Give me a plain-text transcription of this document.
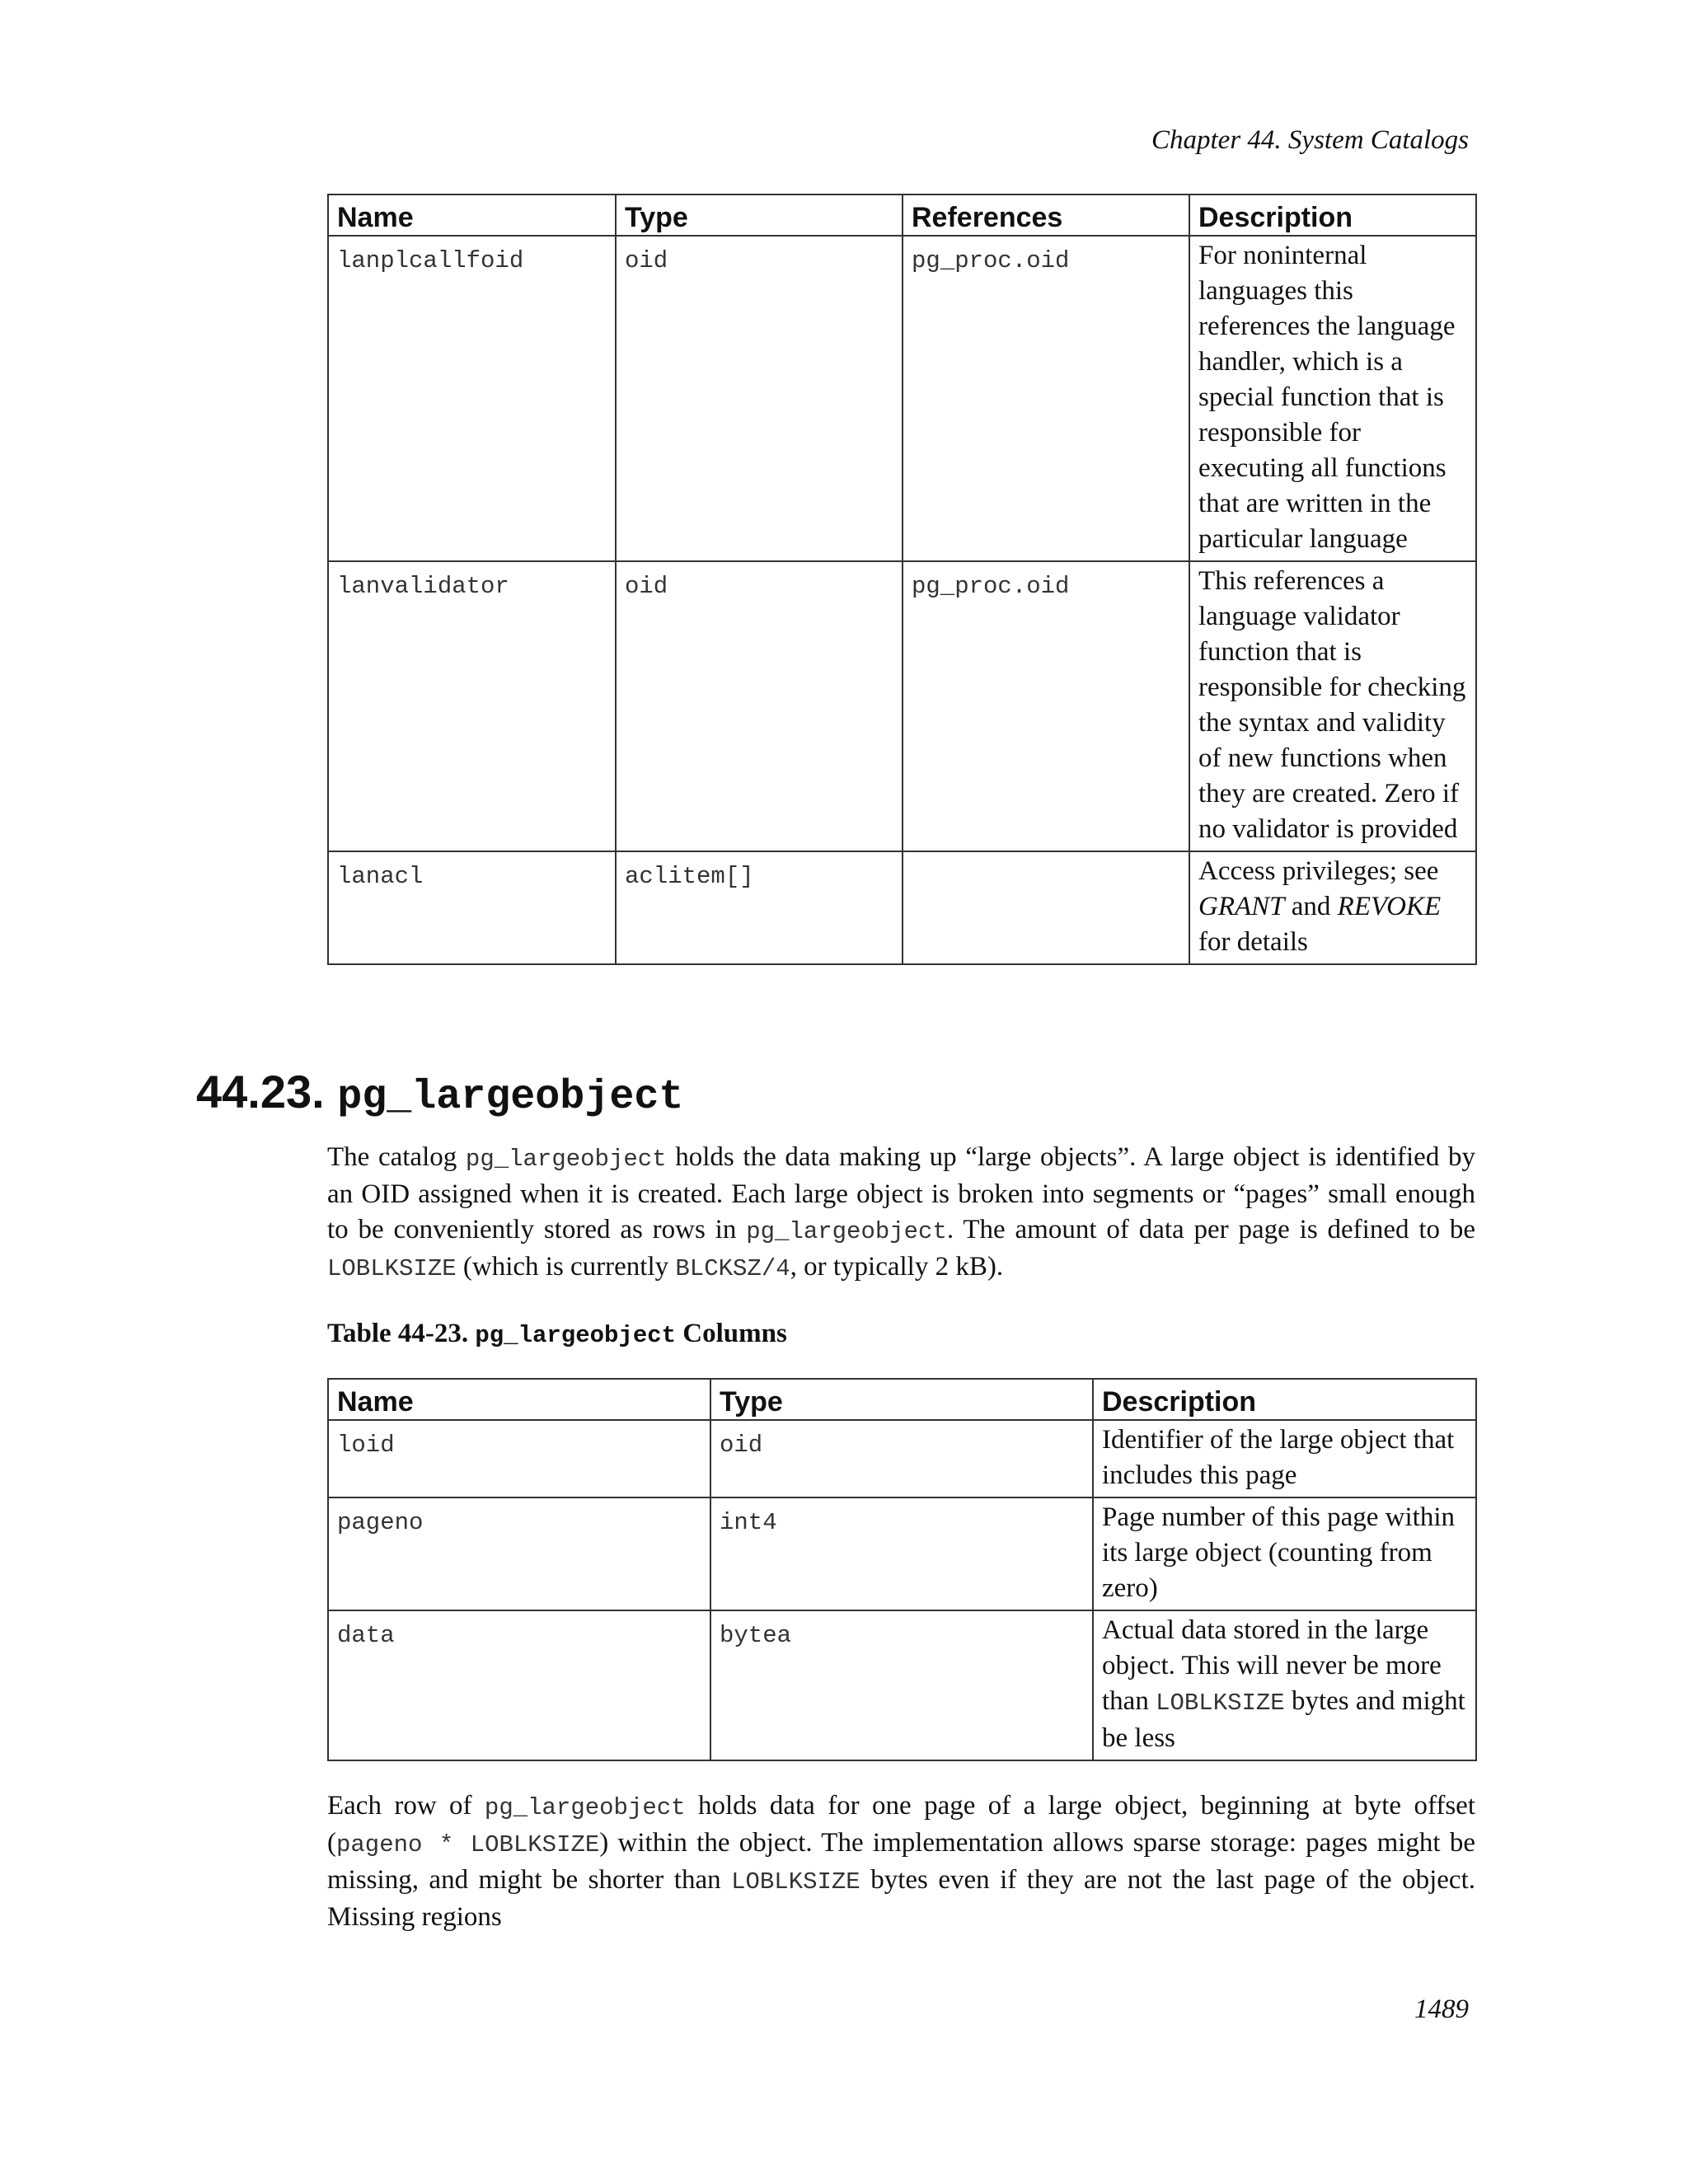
Chapter 44. System Catalogs
Name	Type	References	Description
lanplcallfoid	oid	pg_proc.oid	For noninternal languages this references the language handler, which is a special function that is responsible for executing all functions that are written in the particular language
lanvalidator	oid	pg_proc.oid	This references a language validator function that is responsible for checking the syntax and validity of new functions when they are created. Zero if no validator is provided
lanacl	aclitem[]		Access privileges; see GRANT and REVOKE for details
44.23. pg_largeobject
The catalog pg_largeobject holds the data making up “large objects”. A large object is identified by an OID assigned when it is created. Each large object is broken into segments or “pages” small enough to be conveniently stored as rows in pg_largeobject. The amount of data per page is defined to be LOBLKSIZE (which is currently BLCKSZ/4, or typically 2 kB).
Table 44-23. pg_largeobject Columns
Name	Type	Description
loid	oid	Identifier of the large object that includes this page
pageno	int4	Page number of this page within its large object (counting from zero)
data	bytea	Actual data stored in the large object. This will never be more than LOBLKSIZE bytes and might be less
Each row of pg_largeobject holds data for one page of a large object, beginning at byte offset (pageno * LOBLKSIZE) within the object. The implementation allows sparse storage: pages might be missing, and might be shorter than LOBLKSIZE bytes even if they are not the last page of the object. Missing regions
1489
